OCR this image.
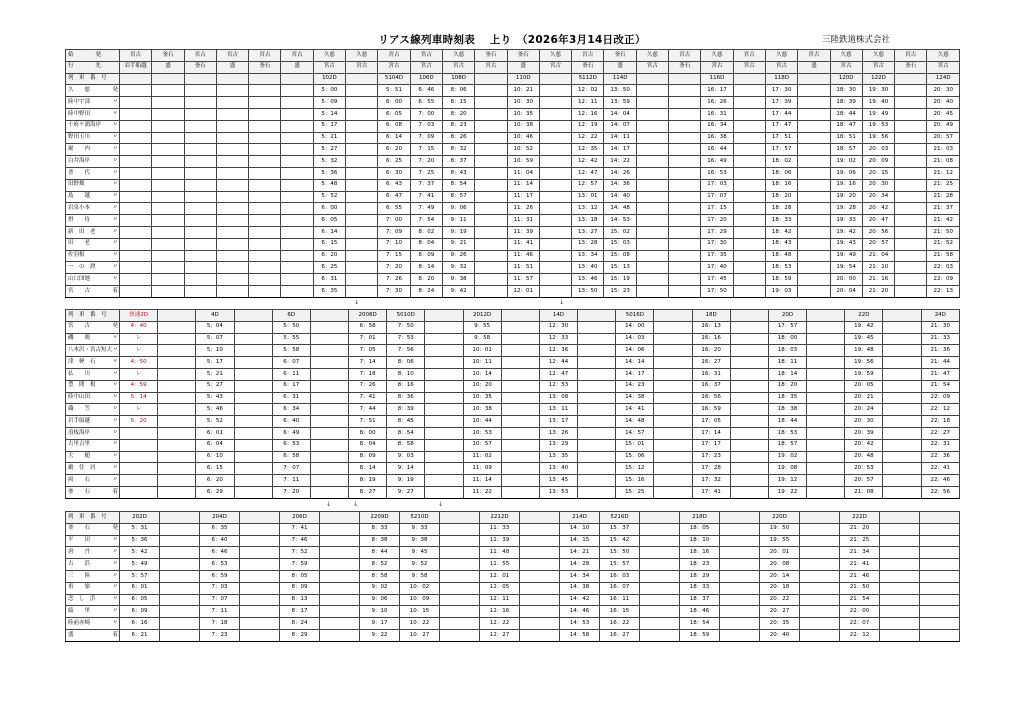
リアス線列車時刻表　 上り　（2026年3月14日改正）	三陸鉄道株式会社
始　　　　発	宮古	釜石	宮古	宮古	宮古	宮古	久慈	久慈	宮古	宮古	久慈	釜石	釜石	久慈	宮古	釜石	久慈	宮古	久慈	宮古	久慈	宮古	久慈	久慈	宮古	久慈
行　　　　先	岩手船越	盛	釜石	盛	釜石	盛	宮古	宮古	宮古	宮古	宮古	宮古	盛	宮古	釜石	盛	宮古	釜石	宮古	宮古	宮古	盛	宮古	宮古	釜石	宮古
列　車　番　号							102D		5104D	106D	108D		110D		5112D	114D			116D		118D		120D	122D		124D
久　　慈 発							5：00		5：51	6：46	8：06		10：21		12：02	13：50			16：17		17：30		18：30	19：30		20：30
陸中宇部 〃							5：09		6：00	6：55	8：15		10：30		12：11	13：59			16：26		17：39		18：39	19：40		20：40
陸中野田 〃							5：14		6：05	7：00	8：20		10：35		12：16	14：04			16：31		17：44		18：44	19：49		20：45
十府ケ浦海岸 〃							5：17		6：08	7：03	8：23		10：38		12：19	14：07			16：34		17：47		18：47	19：53		20：49
野田玉川 〃							5：21		6：14	7：09	8：26		10：46		12：22	14：11			16：38		17：51		18：51	19：56		20：57
堀　　内 〃							5：27		6：20	7：15	8：32		10：52		12：35	14：17			16：44		17：57		18：57	20：03		21：03
白井海岸 〃							5：32		6：25	7：20	8：37		10：59		12：42	14：22			16：49		18：02		19：02	20：09		21：08
普　　代 〃							5：36		6：30	7：25	8：43		11：04		12：47	14：26			16：53		18：06		19：06	20：15		21：12
田野畑 〃							5：48		6：43	7：37	8：54		11：14		12：57	14：36			17：03		18：16		19：16	20：30		21：25
島　　越 〃							5：52		6：47	7：41	8：57		11：17		13：01	14：40			17：07		18：20		19：20	20：34		21：28
岩泉小本 〃							6：00		6：55	7：49	9：06		11：26		13：12	14：48			17：15		18：28		19：28	20：42		21：37
摂　　待 〃							6：05		7：00	7：54	9：11		11：31		13：18	14：53			17：20		18：33		19：33	20：47		21：42
新　田　老 〃							6：14		7：09	8：02	9：19		11：39		13：27	15：02			17：29		18：42		19：42	20：56		21：50
田　　老 〃							6：15		7：10	8：04	9：21		11：41		13：28	15：03			17：30		18：43		19：43	20：57		21：52
佐羽根 〃							6：20		7：15	8：09	9：26		11：46		13：34	15：08			17：35		18：48		19：49	21：04		21：58
一　の　渡 〃							6：25		7：20	8：14	9：32		11：51		13：40	15：13			17：40		18：53		19：54	21：10		22：03
山口団地 〃							6：31		7：26	8：20	9：38		11：57		13：46	15：19			17：45		18：59		20：00	21：16		22：09
宮　　古 着							6：35		7：30	8：24	9：42		12：01		13：50	15：23			17：50		19：03		20：04	21：20		22：13
列　車　番　号	快速2D		4D		6D		2008D	5010D		2012D		14D		5016D		18D		20D		22D		24D
宮　　古 発	4：40		5：04		5：50		6：58	7：50		9：55		12：30		14：00		16：13		17：57		19：42		21：30
磯　　鶏 〃	レ		5：07		5：55		7：01	7：53		9：58		12：33		14：03		16：16		18：00		19：45		21：33
八木沢・宮古短大 〃	レ		5：10		5：58		7：05	7：56		10：01		12：36		14：06		16：20		18：03		19：48		21：36
津　軽　石 〃	4：50		5：17		6：07		7：14	8：06		10：11		12：44		14：14		16：27		18：11		19：56		21：44
払　　川 〃	レ		5：21		6：11		7：18	8：10		10：14		12：47		14：17		16：31		18：14		19：59		21：47
豊　間　根 〃	4：59		5：27		6：17		7：26	8：16		10：20		12：53		14：23		16：37		18：20		20：05		21：54
陸中山田 〃	5：14		5：43		6：31		7：41	8：36		10：35		13：08		14：38		16：56		18：35		20：21		22：09
織　　笠 〃	レ		5：46		6：34		7：44	8：39		10：38		13：11		14：41		16：59		18：38		20：24		22：12
岩手船越 〃	5：20		5：52		6：40		7：51	8：45		10：44		13：17		14：48		17：05		18：44		20：30		22：18
浪板海岸 〃			6：01		6：49		8：00	8：54		10：53		13：26		14：57		17：14		18：53		20：39		22：27
吉里吉里 〃			6：04		6：53		8：04	8：58		10：57		13：29		15：01		17：17		18：57		20：42		22：31
大　　槌 〃			6：10		6：58		8：09	9：03		11：02		13：35		15：06		17：23		19：02		20：48		22：36
鵜　住　居 〃			6：15		7：07		8：14	9：14		11：09		13：40		15：12		17：28		19：08		20：53		22：41
両　　石 〃			6：20		7：11		8：19	9：19		11：14		13：45		15：16		17：32		19：12		20：57		22：46
釜　　石 着			6：29		7：20		8：27	9：27		11：22		13：53		15：25		17：41		19：22		21：08		22：56
列　車　番　号	202D		204D		206D		2209D	5210D		2212D		214D	5216D		218D		220D		222D		
釜　　石 発	5：31		6：35		7：41		8：33	9：33		11：33		14：10	15：37		18：05		19：50		21：20		
平　　田 〃	5：36		6：40		7：46		8：38	9：38		11：39		14：15	15：42		18：10		19：55		21：25		
唐　　丹 〃	5：42		6：46		7：52		8：44	9：45		11：48		14：21	15：50		18：16		20：01		21：34		
吉　　浜 〃	5：49		6：53		7：59		8：52	9：52		11：55		14：28	15：57		18：23		20：08		21：41		
三　　陸 〃	5：57		6：59		8：05		8：58	9：58		12：01		14：34	16：03		18：29		20：14		21：46		
甫　　嶺 〃	6：01		7：03		8：09		9：02	10：02		12：05		14：38	16：07		18：33		20：18		21：50		
恋　し　浜 〃	6：05		7：07		8：13		9：06	10：09		12：11		14：42	16：11		18：37		20：22		21：54		
綾　　里 〃	6：09		7：11		8：17		9：10	10：15		12：16		14：46	16：15		18：46		20：27		22：00		
陸前赤崎 〃	6：16		7：18		8：24		9：17	10：22		12：22		14：53	16：22		18：54		20：35		22：07		
盛 着	6：21		7：23		8：29		9：22	10：27		12：27		14：58	16：27		18：59		20：40		22：12		
↓	↓
↓	↓	↓
